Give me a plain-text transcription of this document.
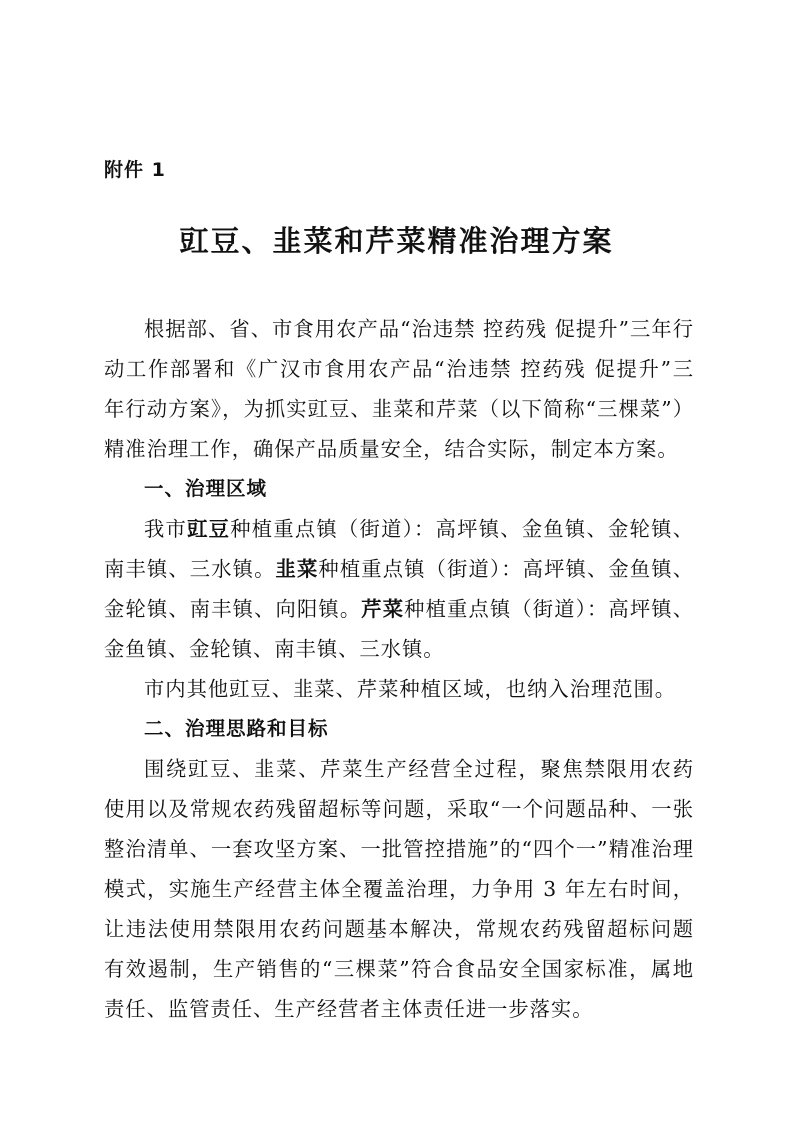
附件 1
豇豆、韭菜和芹菜精准治理方案

根据部、省、市食用农产品“治违禁 控药残 促提升”三年行动工作部署和《广汉市食用农产品“治违禁 控药残 促提升”三年行动方案》，为抓实豇豆、韭菜和芹菜（以下简称“三棵菜”）精准治理工作，确保产品质量安全，结合实际，制定本方案。

一、治理区域

我市豇豆种植重点镇（街道）：高坪镇、金鱼镇、金轮镇、南丰镇、三水镇。韭菜种植重点镇（街道）：高坪镇、金鱼镇、金轮镇、南丰镇、向阳镇。芹菜种植重点镇（街道）：高坪镇、金鱼镇、金轮镇、南丰镇、三水镇。

市内其他豇豆、韭菜、芹菜种植区域，也纳入治理范围。

二、治理思路和目标

围绕豇豆、韭菜、芹菜生产经营全过程，聚焦禁限用农药使用以及常规农药残留超标等问题，采取“一个问题品种、一张整治清单、一套攻坚方案、一批管控措施”的“四个一”精准治理模式，实施生产经营主体全覆盖治理，力争用 3 年左右时间，让违法使用禁限用农药问题基本解决，常规农药残留超标问题有效遏制，生产销售的“三棵菜”符合食品安全国家标准，属地责任、监管责任、生产经营者主体责任进一步落实。
